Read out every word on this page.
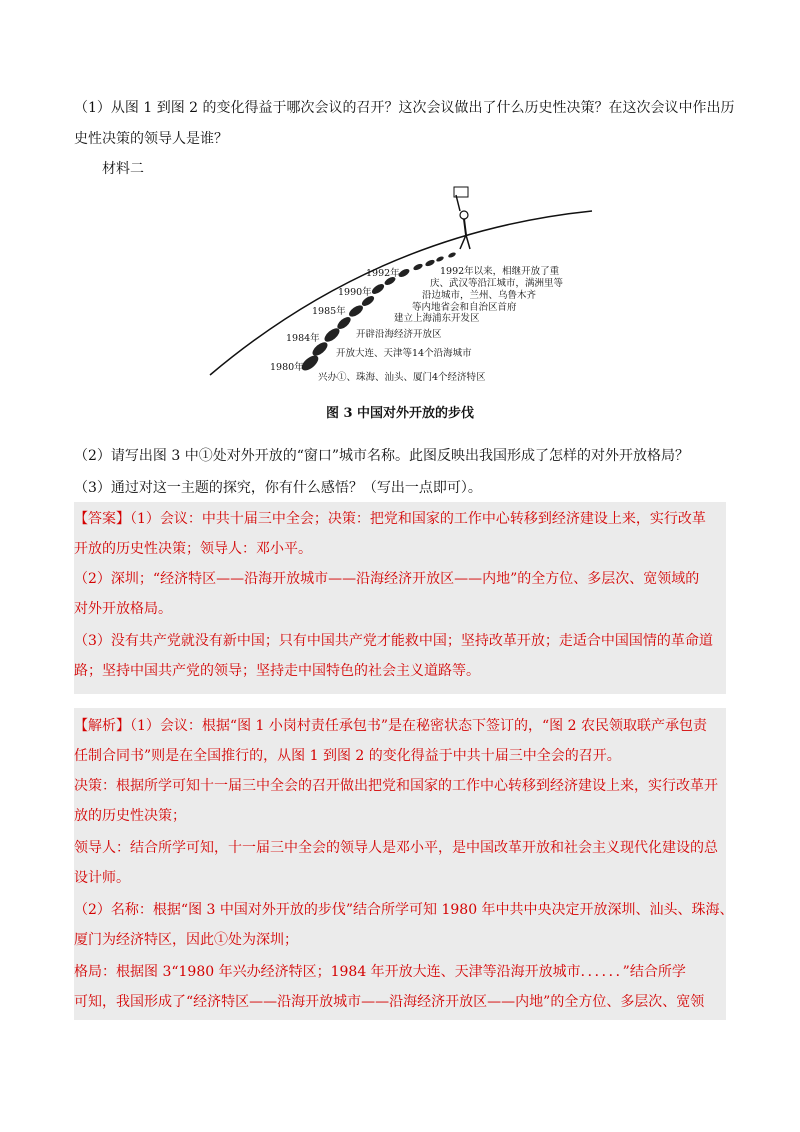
（1）从图 1 到图 2 的变化得益于哪次会议的召开？这次会议做出了什么历史性决策？在这次会议中作出历
史性决策的领导人是谁？
材料二
1992年
1990年
1985年
1984年
1980年
1992年以来，相继开放了重
庆、武汉等沿江城市，满洲里等
沿边城市，兰州、乌鲁木齐
等内地省会和自治区首府
建立上海浦东开发区
开辟沿海经济开放区
开放大连、天津等14个沿海城市
兴办①、珠海、汕头、厦门4个经济特区
图 3 中国对外开放的步伐
（2）请写出图 3 中①处对外开放的“窗口”城市名称。此图反映出我国形成了怎样的对外开放格局？
（3）通过对这一主题的探究，你有什么感悟？（写出一点即可）。
【答案】（1）会议：中共十届三中全会；决策：把党和国家的工作中心转移到经济建设上来，实行改革
开放的历史性决策；领导人：邓小平。
（2）深圳；“经济特区——沿海开放城市——沿海经济开放区——内地”的全方位、多层次、宽领域的
对外开放格局。
（3）没有共产党就没有新中国；只有中国共产党才能救中国；坚持改革开放；走适合中国国情的革命道
路；坚持中国共产党的领导；坚持走中国特色的社会主义道路等。
【解析】（1）会议：根据“图 1 小岗村责任承包书”是在秘密状态下签订的，“图 2 农民领取联产承包责
任制合同书”则是在全国推行的，从图 1 到图 2 的变化得益于中共十届三中全会的召开。
决策：根据所学可知十一届三中全会的召开做出把党和国家的工作中心转移到经济建设上来，实行改革开
放的历史性决策；
领导人：结合所学可知，十一届三中全会的领导人是邓小平，是中国改革开放和社会主义现代化建设的总
设计师。
（2）名称：根据“图 3 中国对外开放的步伐”结合所学可知 1980 年中共中央决定开放深圳、汕头、珠海、
厦门为经济特区，因此①处为深圳；
格局：根据图 3“1980 年兴办经济特区；1984 年开放大连、天津等沿海开放城市．．．．．．”结合所学
可知，我国形成了“经济特区——沿海开放城市——沿海经济开放区——内地”的全方位、多层次、宽领
